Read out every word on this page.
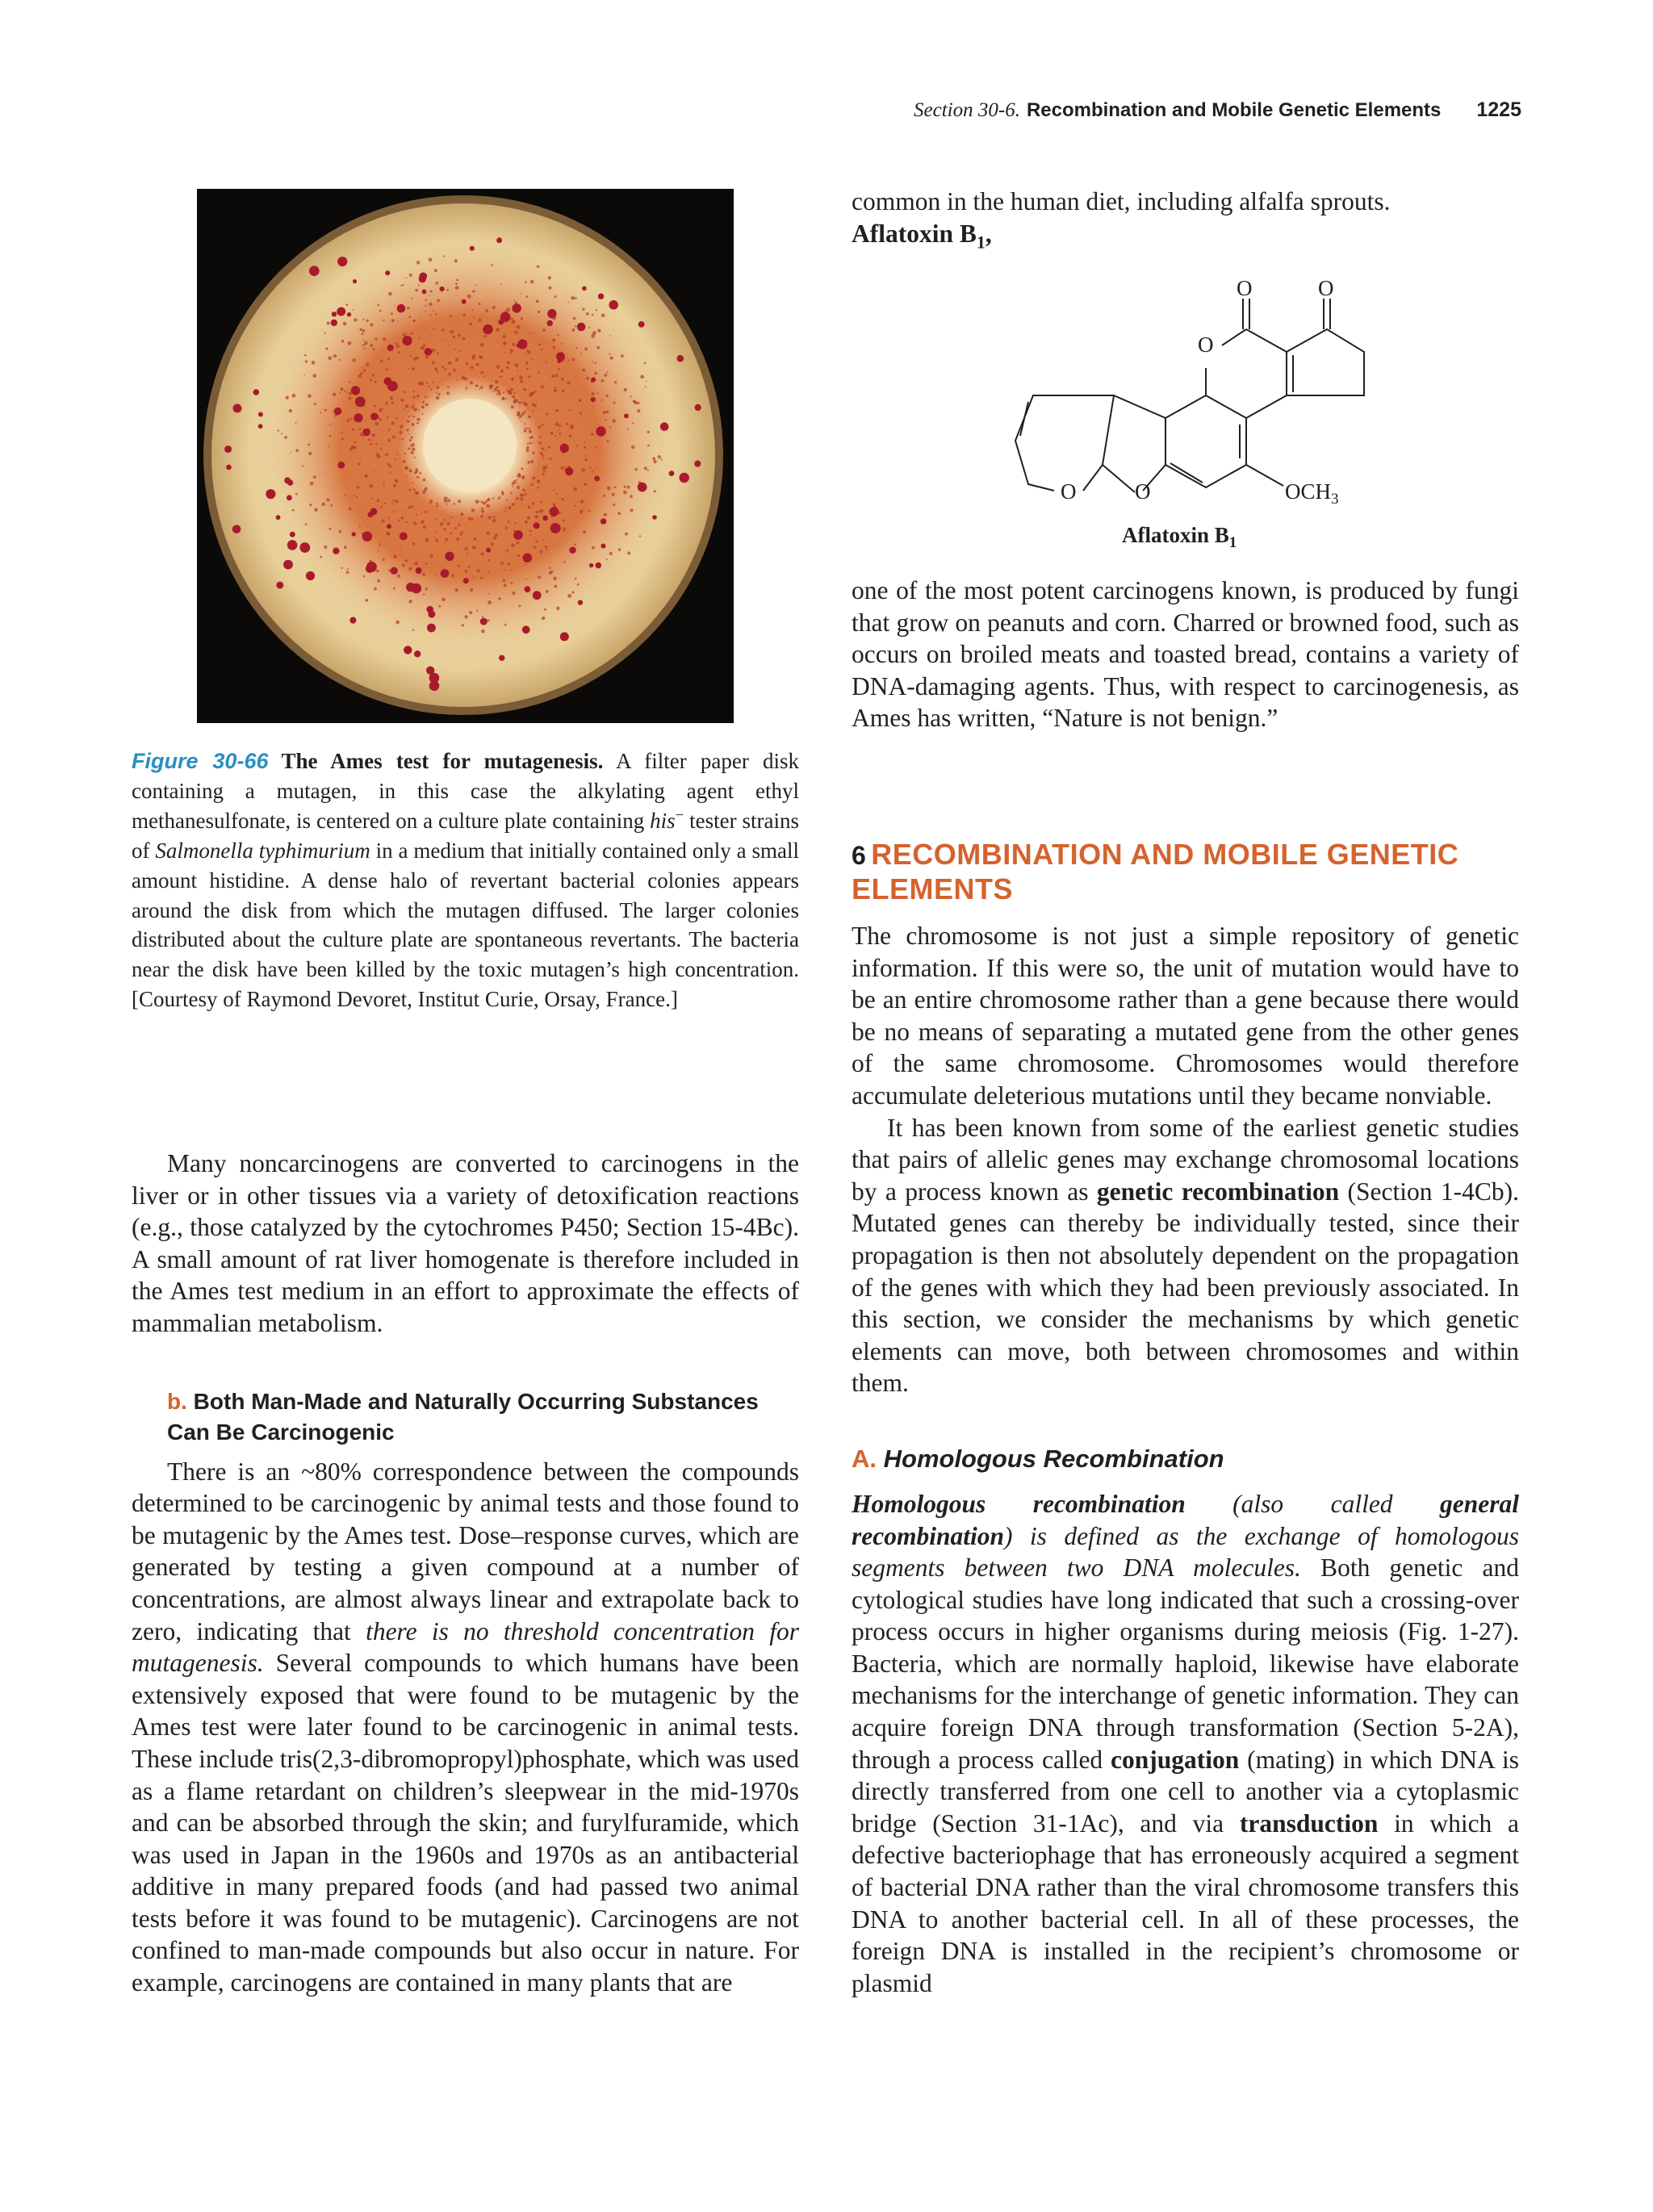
Section 30-6. Recombination and Mobile Genetic Elements 1225
Figure 30-66 The Ames test for mutagenesis. A filter paper disk containing a mutagen, in this case the alkylating agent ethyl methanesulfonate, is centered on a culture plate containing his− tester strains of Salmonella typhimurium in a medium that initially contained only a small amount histidine. A dense halo of revertant bacterial colonies appears around the disk from which the mutagen diffused. The larger colonies distributed about the culture plate are spontaneous revertants. The bacteria near the disk have been killed by the toxic mutagen’s high concentration. [Courtesy of Raymond Devoret, Institut Curie, Orsay, France.]

Many noncarcinogens are converted to carcinogens in the liver or in other tissues via a variety of detoxification reactions (e.g., those catalyzed by the cytochromes P450; Section 15-4Bc). A small amount of rat liver homogenate is therefore included in the Ames test medium in an effort to approximate the effects of mammalian metabolism.

b. Both Man-Made and Naturally Occurring Substances Can Be Carcinogenic

There is an ~80% correspondence between the compounds determined to be carcinogenic by animal tests and those found to be mutagenic by the Ames test. Dose–response curves, which are generated by testing a given compound at a number of concentrations, are almost always linear and extrapolate back to zero, indicating that there is no threshold concentration for mutagenesis. Several compounds to which humans have been extensively exposed that were found to be mutagenic by the Ames test were later found to be carcinogenic in animal tests. These include tris(2,3-dibromopropyl)phosphate, which was used as a flame retardant on children’s sleepwear in the mid-1970s and can be absorbed through the skin; and furylfuramide, which was used in Japan in the 1960s and 1970s as an antibacterial additive in many prepared foods (and had passed two animal tests before it was found to be mutagenic). Carcinogens are not confined to man-made compounds but also occur in nature. For example, carcinogens are contained in many plants that are

common in the human diet, including alfalfa sprouts.
Aflatoxin $B_1$,

O	O
O
O	O	$OCH_3$
Aflatoxin $B_1$

one of the most potent carcinogens known, is produced by fungi that grow on peanuts and corn. Charred or browned food, such as occurs on broiled meats and toasted bread, contains a variety of DNA-damaging agents. Thus, with respect to carcinogenesis, as Ames has written, “Nature is not benign.”

6 RECOMBINATION AND MOBILE GENETIC ELEMENTS

The chromosome is not just a simple repository of genetic information. If this were so, the unit of mutation would have to be an entire chromosome rather than a gene because there would be no means of separating a mutated gene from the other genes of the same chromosome. Chromosomes would therefore accumulate deleterious mutations until they became nonviable.

It has been known from some of the earliest genetic studies that pairs of allelic genes may exchange chromosomal locations by a process known as genetic recombination (Section 1-4Cb). Mutated genes can thereby be individually tested, since their propagation is then not absolutely dependent on the propagation of the genes with which they had been previously associated. In this section, we consider the mechanisms by which genetic elements can move, both between chromosomes and within them.

A. Homologous Recombination

Homologous recombination (also called general recombination) is defined as the exchange of homologous segments between two DNA molecules. Both genetic and cytological studies have long indicated that such a crossing-over process occurs in higher organisms during meiosis (Fig. 1-27). Bacteria, which are normally haploid, likewise have elaborate mechanisms for the interchange of genetic information. They can acquire foreign DNA through transformation (Section 5-2A), through a process called conjugation (mating) in which DNA is directly transferred from one cell to another via a cytoplasmic bridge (Section 31-1Ac), and via transduction in which a defective bacteriophage that has erroneously acquired a segment of bacterial DNA rather than the viral chromosome transfers this DNA to another bacterial cell. In all of these processes, the foreign DNA is installed in the recipient’s chromosome or plasmid
